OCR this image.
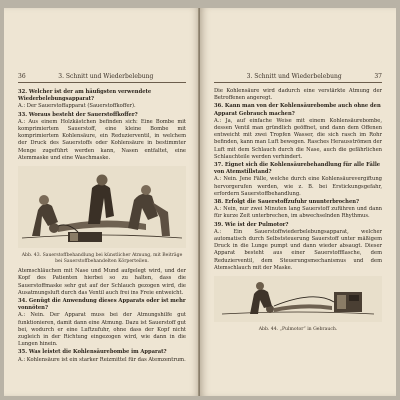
36	3. Schnitt und Wiederbelebung
32. Welcher ist der am häufigsten verwendete Wiederbelebungsapparat?
A.: Der Sauerstoffapparat (Sauerstoffkoffer).
33. Woraus besteht der Sauerstoffkoffer?
A.: Aus einem Holzkästchen befinden sich: Eine Bombe mit komprimiertem Sauerstoff, eine kleine Bombe mit komprimiertem Kohlensäure, ein Reduzierventil, in welchem der Druck des Sauerstoffs oder Kohlensäure in bestimmter Menge zugeführt werden kann, Nasen entfaltet, eine Atemmaske und eine Waschmaske.
Abb. 43. Sauerstoffbehandlung bei künstlicher Atmung, mit Beiträge bei Sauerstoffbehandelten Körperteilen.
Atemschläuchen mit Nase und Mund aufgelegt wird, und der Kopf des Patienten hierbei so zu halten, dass die Sauerstoffmaske sehr gut auf der Schlauch gezogen wird, die Ausatmungsluft durch das Ventil auch frei ins Freie entweicht.
34. Genügt die Anwendung dieses Apparats oder ist mehr vonnöten?
A.: Nein. Der Apparat muss bei der Atmungshilfe gut funktionieren, damit dann eine Atmung. Dazu ist Sauerstoff gut bei, wodurch er eine Luftzufuhr, ohne dass der Kopf nicht zugleich in der Richtung eingezogen wird, wie dann in die Lungen hinein.
35. Was leistet die Kohlensäurebombe im Apparat?
A.: Kohlensäure ist ein starker Reizmittel für das Atemzentrum.
3. Schnitt und Wiederbelebung	37
Die Kohlensäure wird dadurch eine verstärkte Atmung der Betroffenen angeregt.
36. Kann man von der Kohlensäurebombe auch ohne den Apparat Gebrauch machen?
A.: Ja, auf einfache Weise mit einem Kohlensäurebombe, dessen Ventil man gründlich geöffnet, und dann dem Offenen entweicht mit zwei Tropfen Wasser, die sich rasch im Rohr befinden, kann man Luft bewegen. Rasches Herausströmen der Luft mit dem Schlauch durch die Nase, auch die gefährlichen Schlauchteile werden verhindert.
37. Eignet sich die Kohlensäurebehandlung für alle Fälle von Atemstillstand?
A.: Nein. Jene Fälle, welche durch eine Kohlensäurevergiftung hervorgerufen werden, wie z. B. bei Erstickungsgefahr, erfordern Sauerstoffbehandlung.
38. Erfolgt die Sauerstoffzufuhr ununterbrochen?
A.: Nein, nur zwei Minuten lang Sauerstoff zuführen und dann für kurze Zeit unterbrechen, im abwechselnden Rhythmus.
39. Wie ist der Pulmotor?
A.: Ein Sauerstoffwiederbelebungsapparat, welcher automatisch durch Selbststeuerung Sauerstoff unter mäßigem Druck in die Lunge pumpt und dann wieder absaugt. Dieser Apparat besteht aus einer Sauerstoffflasche, dem Reduzierventil, dem Steuerungsmechanismus und dem Atemschlauch mit der Maske.
Abb. 44. „Pulmotor“ in Gebrauch.
